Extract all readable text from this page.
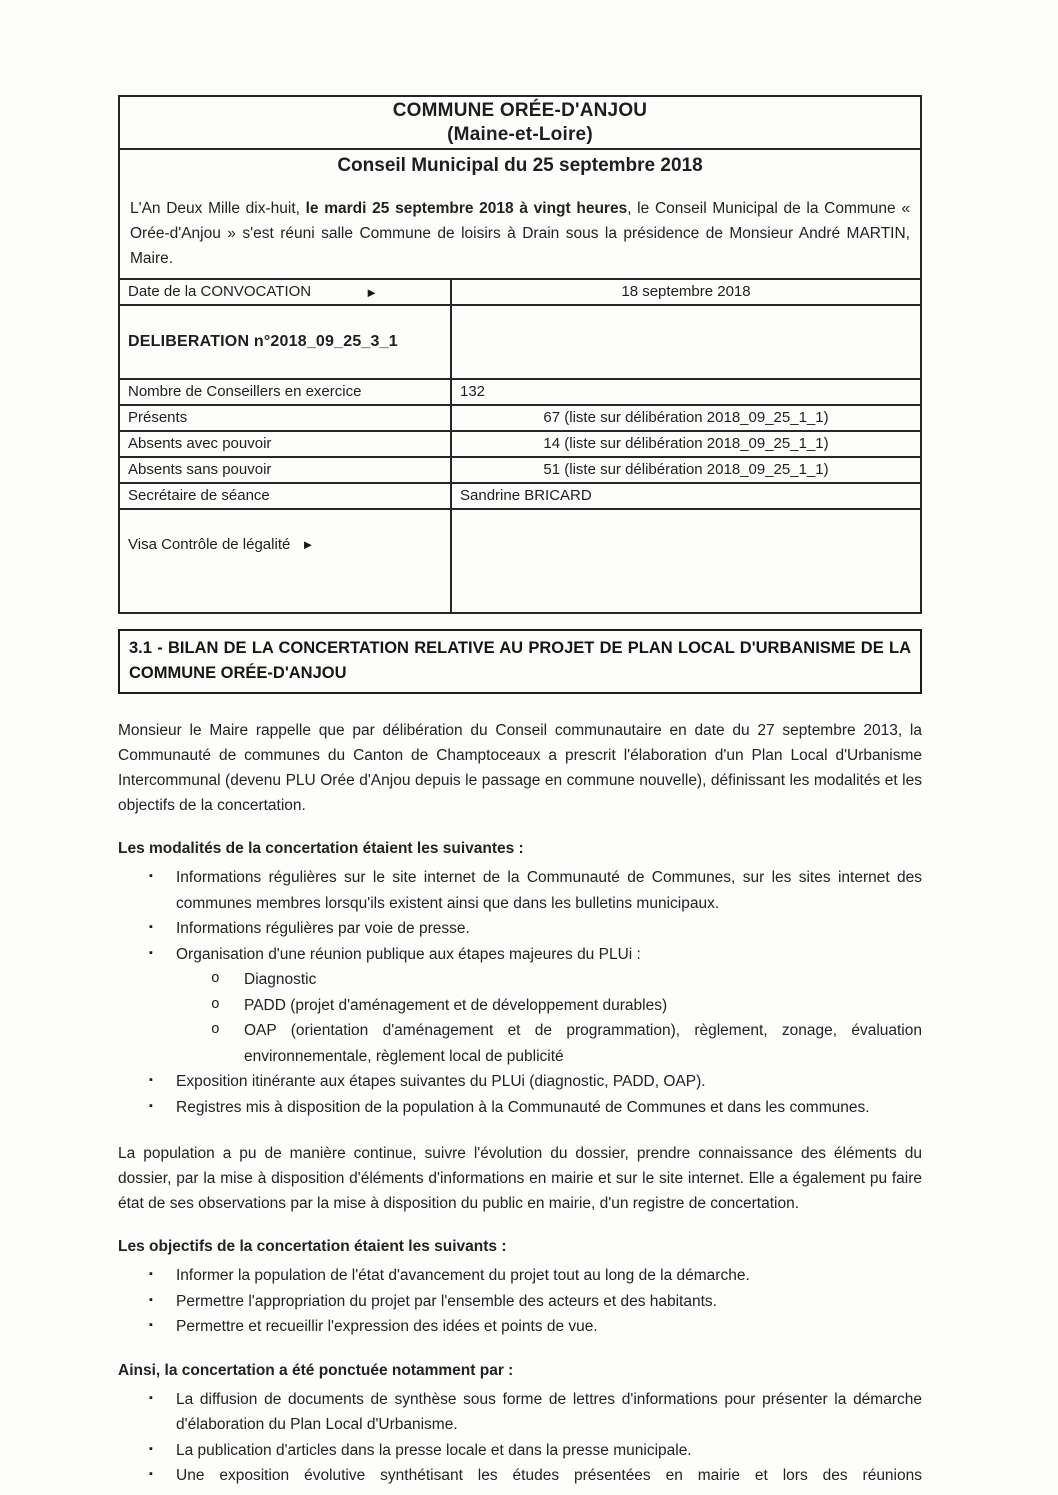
COMMUNE ORÉE-D'ANJOU
(Maine-et-Loire)
Conseil Municipal du 25 septembre 2018

L'An Deux Mille dix-huit, le mardi 25 septembre 2018 à vingt heures, le Conseil Municipal de la Commune « Orée-d'Anjou » s'est réuni salle Commune de loisirs à Drain sous la présidence de Monsieur André MARTIN, Maire.

Date de la CONVOCATION	►	18 septembre 2018
DELIBERATION n°2018_09_25_3_1
Nombre de Conseillers en exercice	132
Présents	67 (liste sur délibération 2018_09_25_1_1)
Absents avec pouvoir	14 (liste sur délibération 2018_09_25_1_1)
Absents sans pouvoir	51 (liste sur délibération 2018_09_25_1_1)
Secrétaire de séance	Sandrine BRICARD
Visa Contrôle de légalité ►
3.1 - BILAN DE LA CONCERTATION RELATIVE AU PROJET DE PLAN LOCAL D'URBANISME DE LA COMMUNE ORÉE-D'ANJOU

Monsieur le Maire rappelle que par délibération du Conseil communautaire en date du 27 septembre 2013, la Communauté de communes du Canton de Champtoceaux a prescrit l'élaboration d'un Plan Local d'Urbanisme Intercommunal (devenu PLU Orée d'Anjou depuis le passage en commune nouvelle), définissant les modalités et les objectifs de la concertation.

Les modalités de la concertation étaient les suivantes :

▪ Informations régulières sur le site internet de la Communauté de Communes, sur les sites internet des communes membres lorsqu'ils existent ainsi que dans les bulletins municipaux.
▪ Informations régulières par voie de presse.
▪ Organisation d'une réunion publique aux étapes majeures du PLUi :
o Diagnostic
o PADD (projet d'aménagement et de développement durables)
o OAP (orientation d'aménagement et de programmation), règlement, zonage, évaluation environnementale, règlement local de publicité
▪ Exposition itinérante aux étapes suivantes du PLUi (diagnostic, PADD, OAP).
▪ Registres mis à disposition de la population à la Communauté de Communes et dans les communes.

La population a pu de manière continue, suivre l'évolution du dossier, prendre connaissance des éléments du dossier, par la mise à disposition d'éléments d'informations en mairie et sur le site internet. Elle a également pu faire état de ses observations par la mise à disposition du public en mairie, d'un registre de concertation.

Les objectifs de la concertation étaient les suivants :

▪ Informer la population de l'état d'avancement du projet tout au long de la démarche.
▪ Permettre l'appropriation du projet par l'ensemble des acteurs et des habitants.
▪ Permettre et recueillir l'expression des idées et points de vue.

Ainsi, la concertation a été ponctuée notamment par :

▪ La diffusion de documents de synthèse sous forme de lettres d'informations pour présenter la démarche d'élaboration du Plan Local d'Urbanisme.
▪ La publication d'articles dans la presse locale et dans la presse municipale.
▪ Une exposition évolutive synthétisant les études présentées en mairie et lors des réunions
